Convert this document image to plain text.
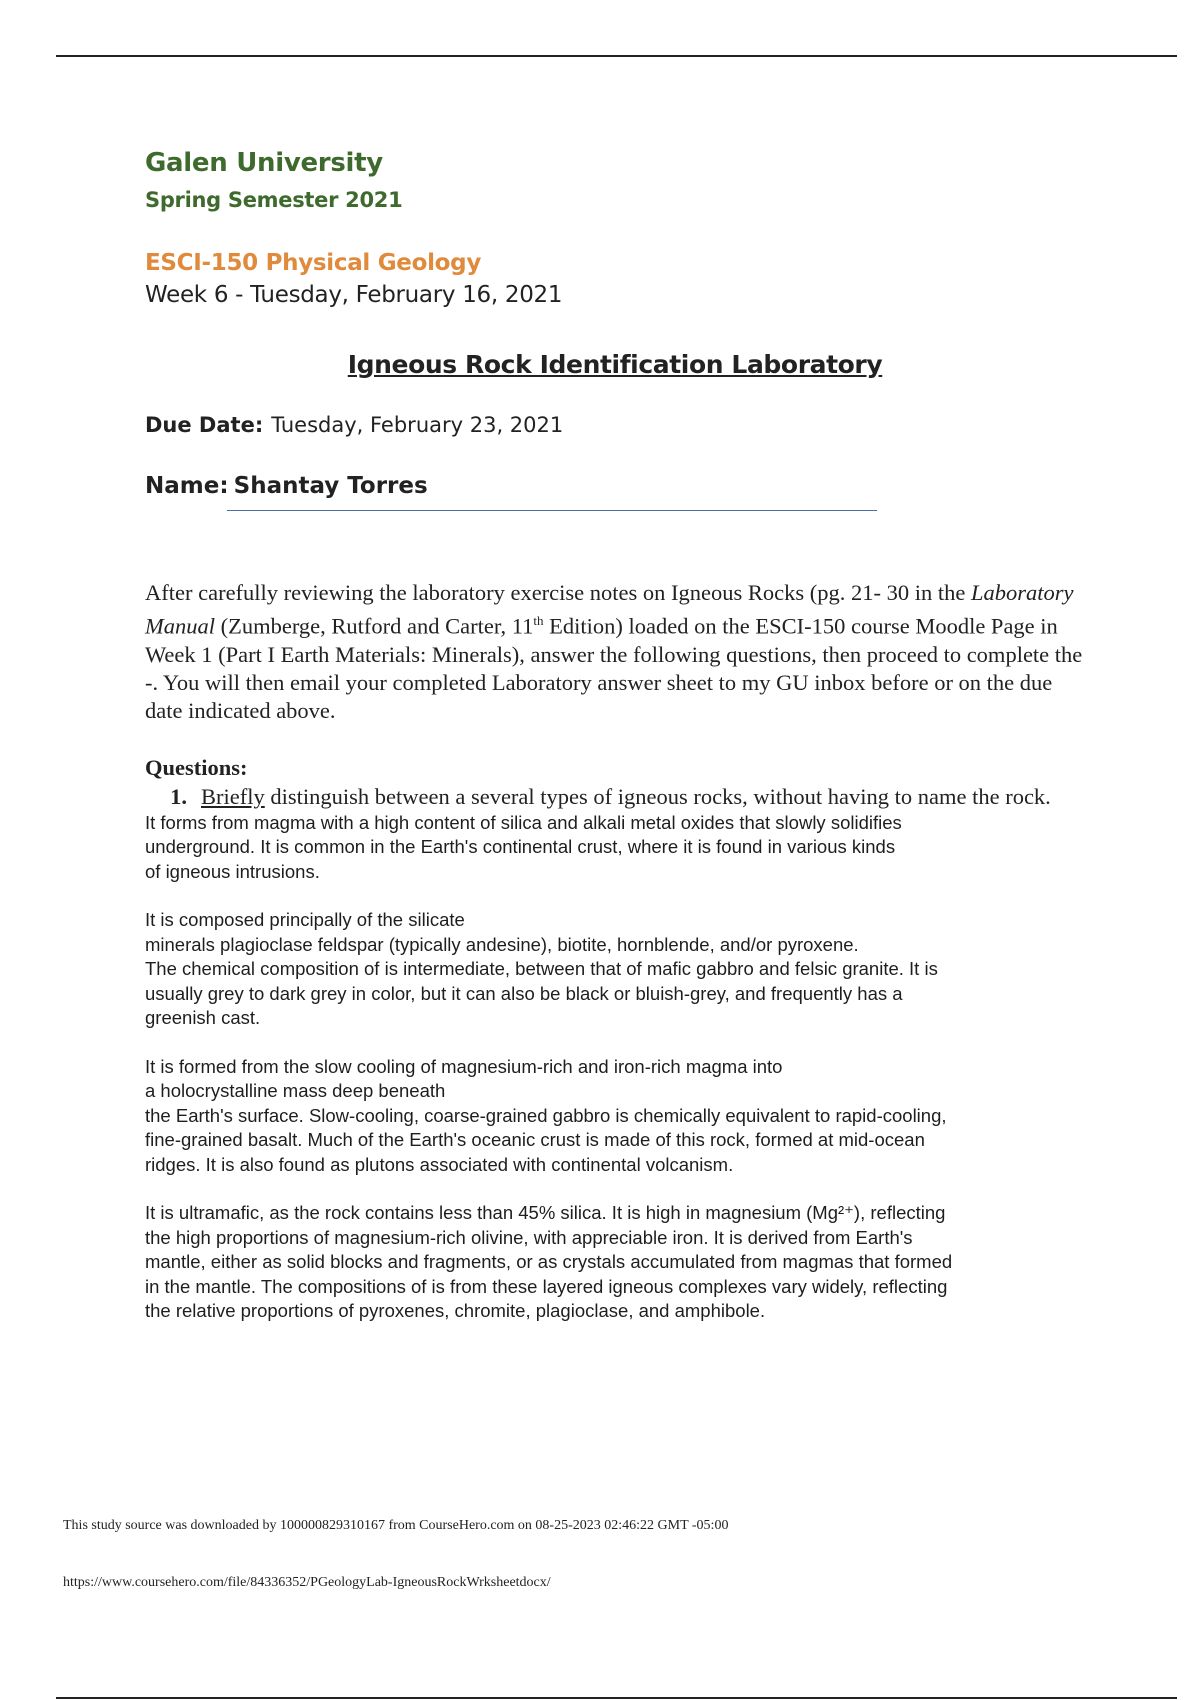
Galen University
Spring Semester 2021
ESCI-150 Physical Geology
Week 6 - Tuesday, February 16, 2021
Igneous Rock Identification Laboratory
Due Date: Tuesday, February 23, 2021
Name: Shantay Torres
After carefully reviewing the laboratory exercise notes on Igneous Rocks (pg. 21- 30 in the Laboratory Manual (Zumberge, Rutford and Carter, 11th Edition) loaded on the ESCI-150 course Moodle Page in Week 1 (Part I Earth Materials: Minerals), answer the following questions, then proceed to complete the -. You will then email your completed Laboratory answer sheet to my GU inbox before or on the due date indicated above.
Questions:
1. Briefly distinguish between a several types of igneous rocks, without having to name the rock.

It forms from magma with a high content of silica and alkali metal oxides that slowly solidifies
underground. It is common in the Earth's continental crust, where it is found in various kinds
of igneous intrusions.

It is composed principally of the silicate
minerals plagioclase feldspar (typically andesine), biotite, hornblende, and/or pyroxene.
The chemical composition of is intermediate, between that of mafic gabbro and felsic granite. It is
usually grey to dark grey in color, but it can also be black or bluish-grey, and frequently has a
greenish cast.

It is formed from the slow cooling of magnesium-rich and iron-rich magma into
a holocrystalline mass deep beneath
the Earth's surface. Slow-cooling, coarse-grained gabbro is chemically equivalent to rapid-cooling,
fine-grained basalt. Much of the Earth's oceanic crust is made of this rock, formed at mid-ocean
ridges. It is also found as plutons associated with continental volcanism.

It is ultramafic, as the rock contains less than 45% silica. It is high in magnesium (Mg²⁺), reflecting
the high proportions of magnesium-rich olivine, with appreciable iron. It is derived from Earth's
mantle, either as solid blocks and fragments, or as crystals accumulated from magmas that formed
in the mantle. The compositions of is from these layered igneous complexes vary widely, reflecting
the relative proportions of pyroxenes, chromite, plagioclase, and amphibole.

This study source was downloaded by 100000829310167 from CourseHero.com on 08-25-2023 02:46:22 GMT -05:00
https://www.coursehero.com/file/84336352/PGeologyLab-IgneousRockWrksheetdocx/
